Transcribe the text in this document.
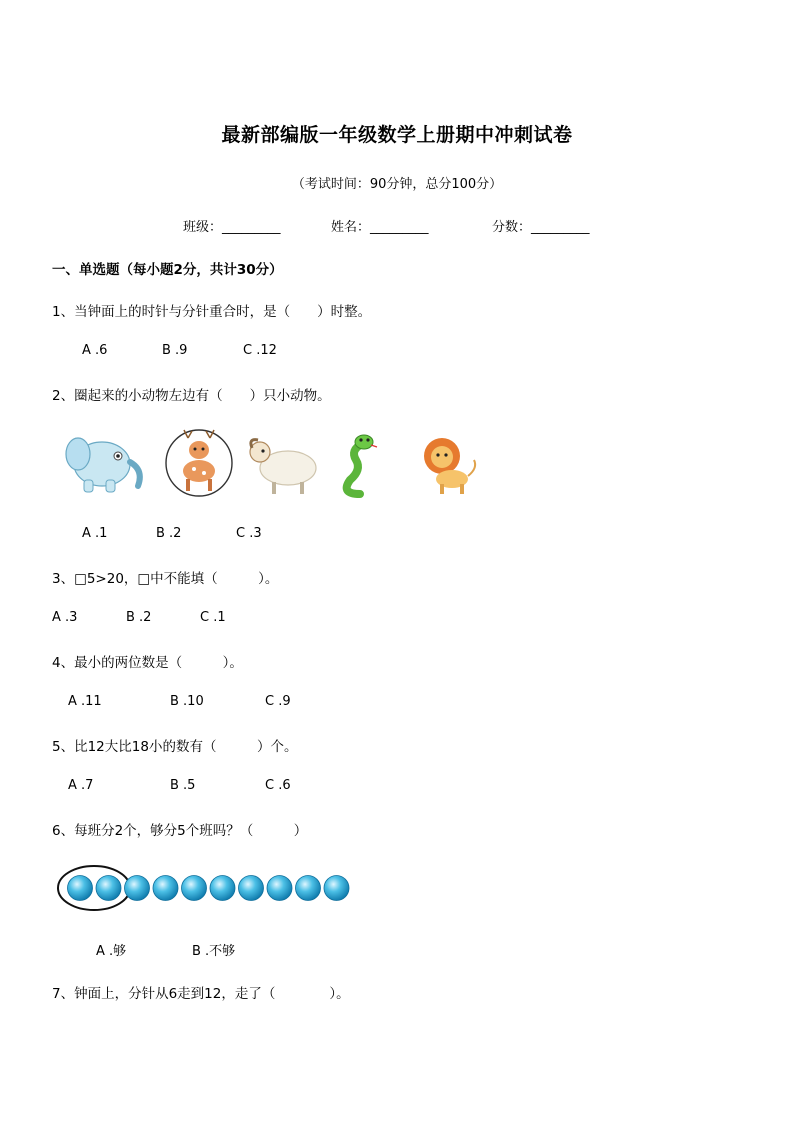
最新部编版一年级数学上册期中冲刺试卷
（考试时间：90分钟，总分100分）
班级：_________	姓名：_________	分数：_________
一、单选题（每小题2分，共计30分）
1、当钟面上的时针与分针重合时，是（　　）时整。
A .6	B .9	C .12
2、圈起来的小动物左边有（　　）只小动物。
A .1	B .2	C .3
3、□5>20，□中不能填（　　　）。
A .3	B .2	C .1
4、最小的两位数是（　　　）。
A .11	B .10	C .9
5、比12大比18小的数有（　　　）个。
A .7	B .5	C .6
6、每班分2个，够分5个班吗？（　　　）
A .够	B .不够
7、钟面上，分针从6走到12，走了（　　　　）。
